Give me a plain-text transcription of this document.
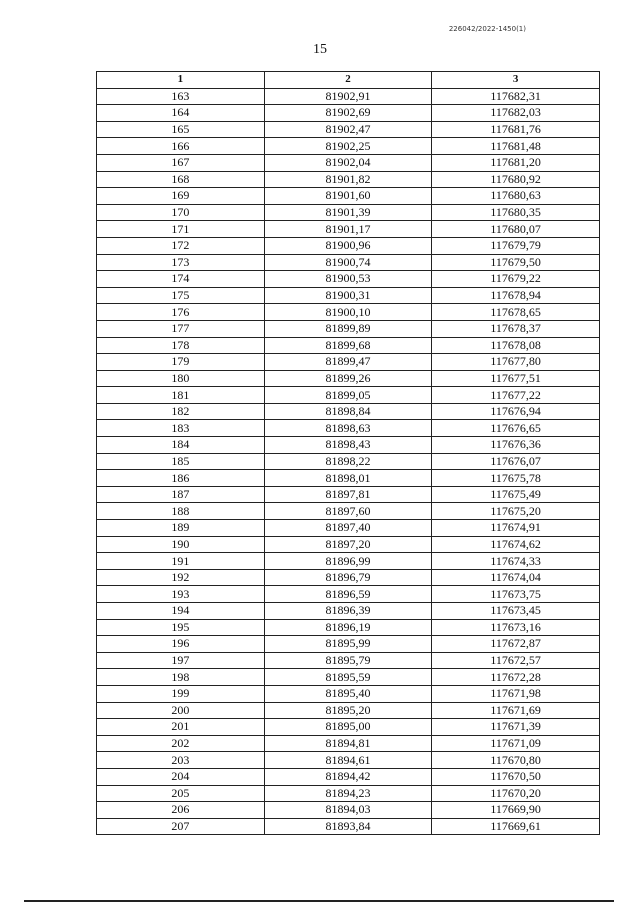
226042/2022-1450(1)
15
1	2	3
163	81902,91	117682,31
164	81902,69	117682,03
165	81902,47	117681,76
166	81902,25	117681,48
167	81902,04	117681,20
168	81901,82	117680,92
169	81901,60	117680,63
170	81901,39	117680,35
171	81901,17	117680,07
172	81900,96	117679,79
173	81900,74	117679,50
174	81900,53	117679,22
175	81900,31	117678,94
176	81900,10	117678,65
177	81899,89	117678,37
178	81899,68	117678,08
179	81899,47	117677,80
180	81899,26	117677,51
181	81899,05	117677,22
182	81898,84	117676,94
183	81898,63	117676,65
184	81898,43	117676,36
185	81898,22	117676,07
186	81898,01	117675,78
187	81897,81	117675,49
188	81897,60	117675,20
189	81897,40	117674,91
190	81897,20	117674,62
191	81896,99	117674,33
192	81896,79	117674,04
193	81896,59	117673,75
194	81896,39	117673,45
195	81896,19	117673,16
196	81895,99	117672,87
197	81895,79	117672,57
198	81895,59	117672,28
199	81895,40	117671,98
200	81895,20	117671,69
201	81895,00	117671,39
202	81894,81	117671,09
203	81894,61	117670,80
204	81894,42	117670,50
205	81894,23	117670,20
206	81894,03	117669,90
207	81893,84	117669,61
